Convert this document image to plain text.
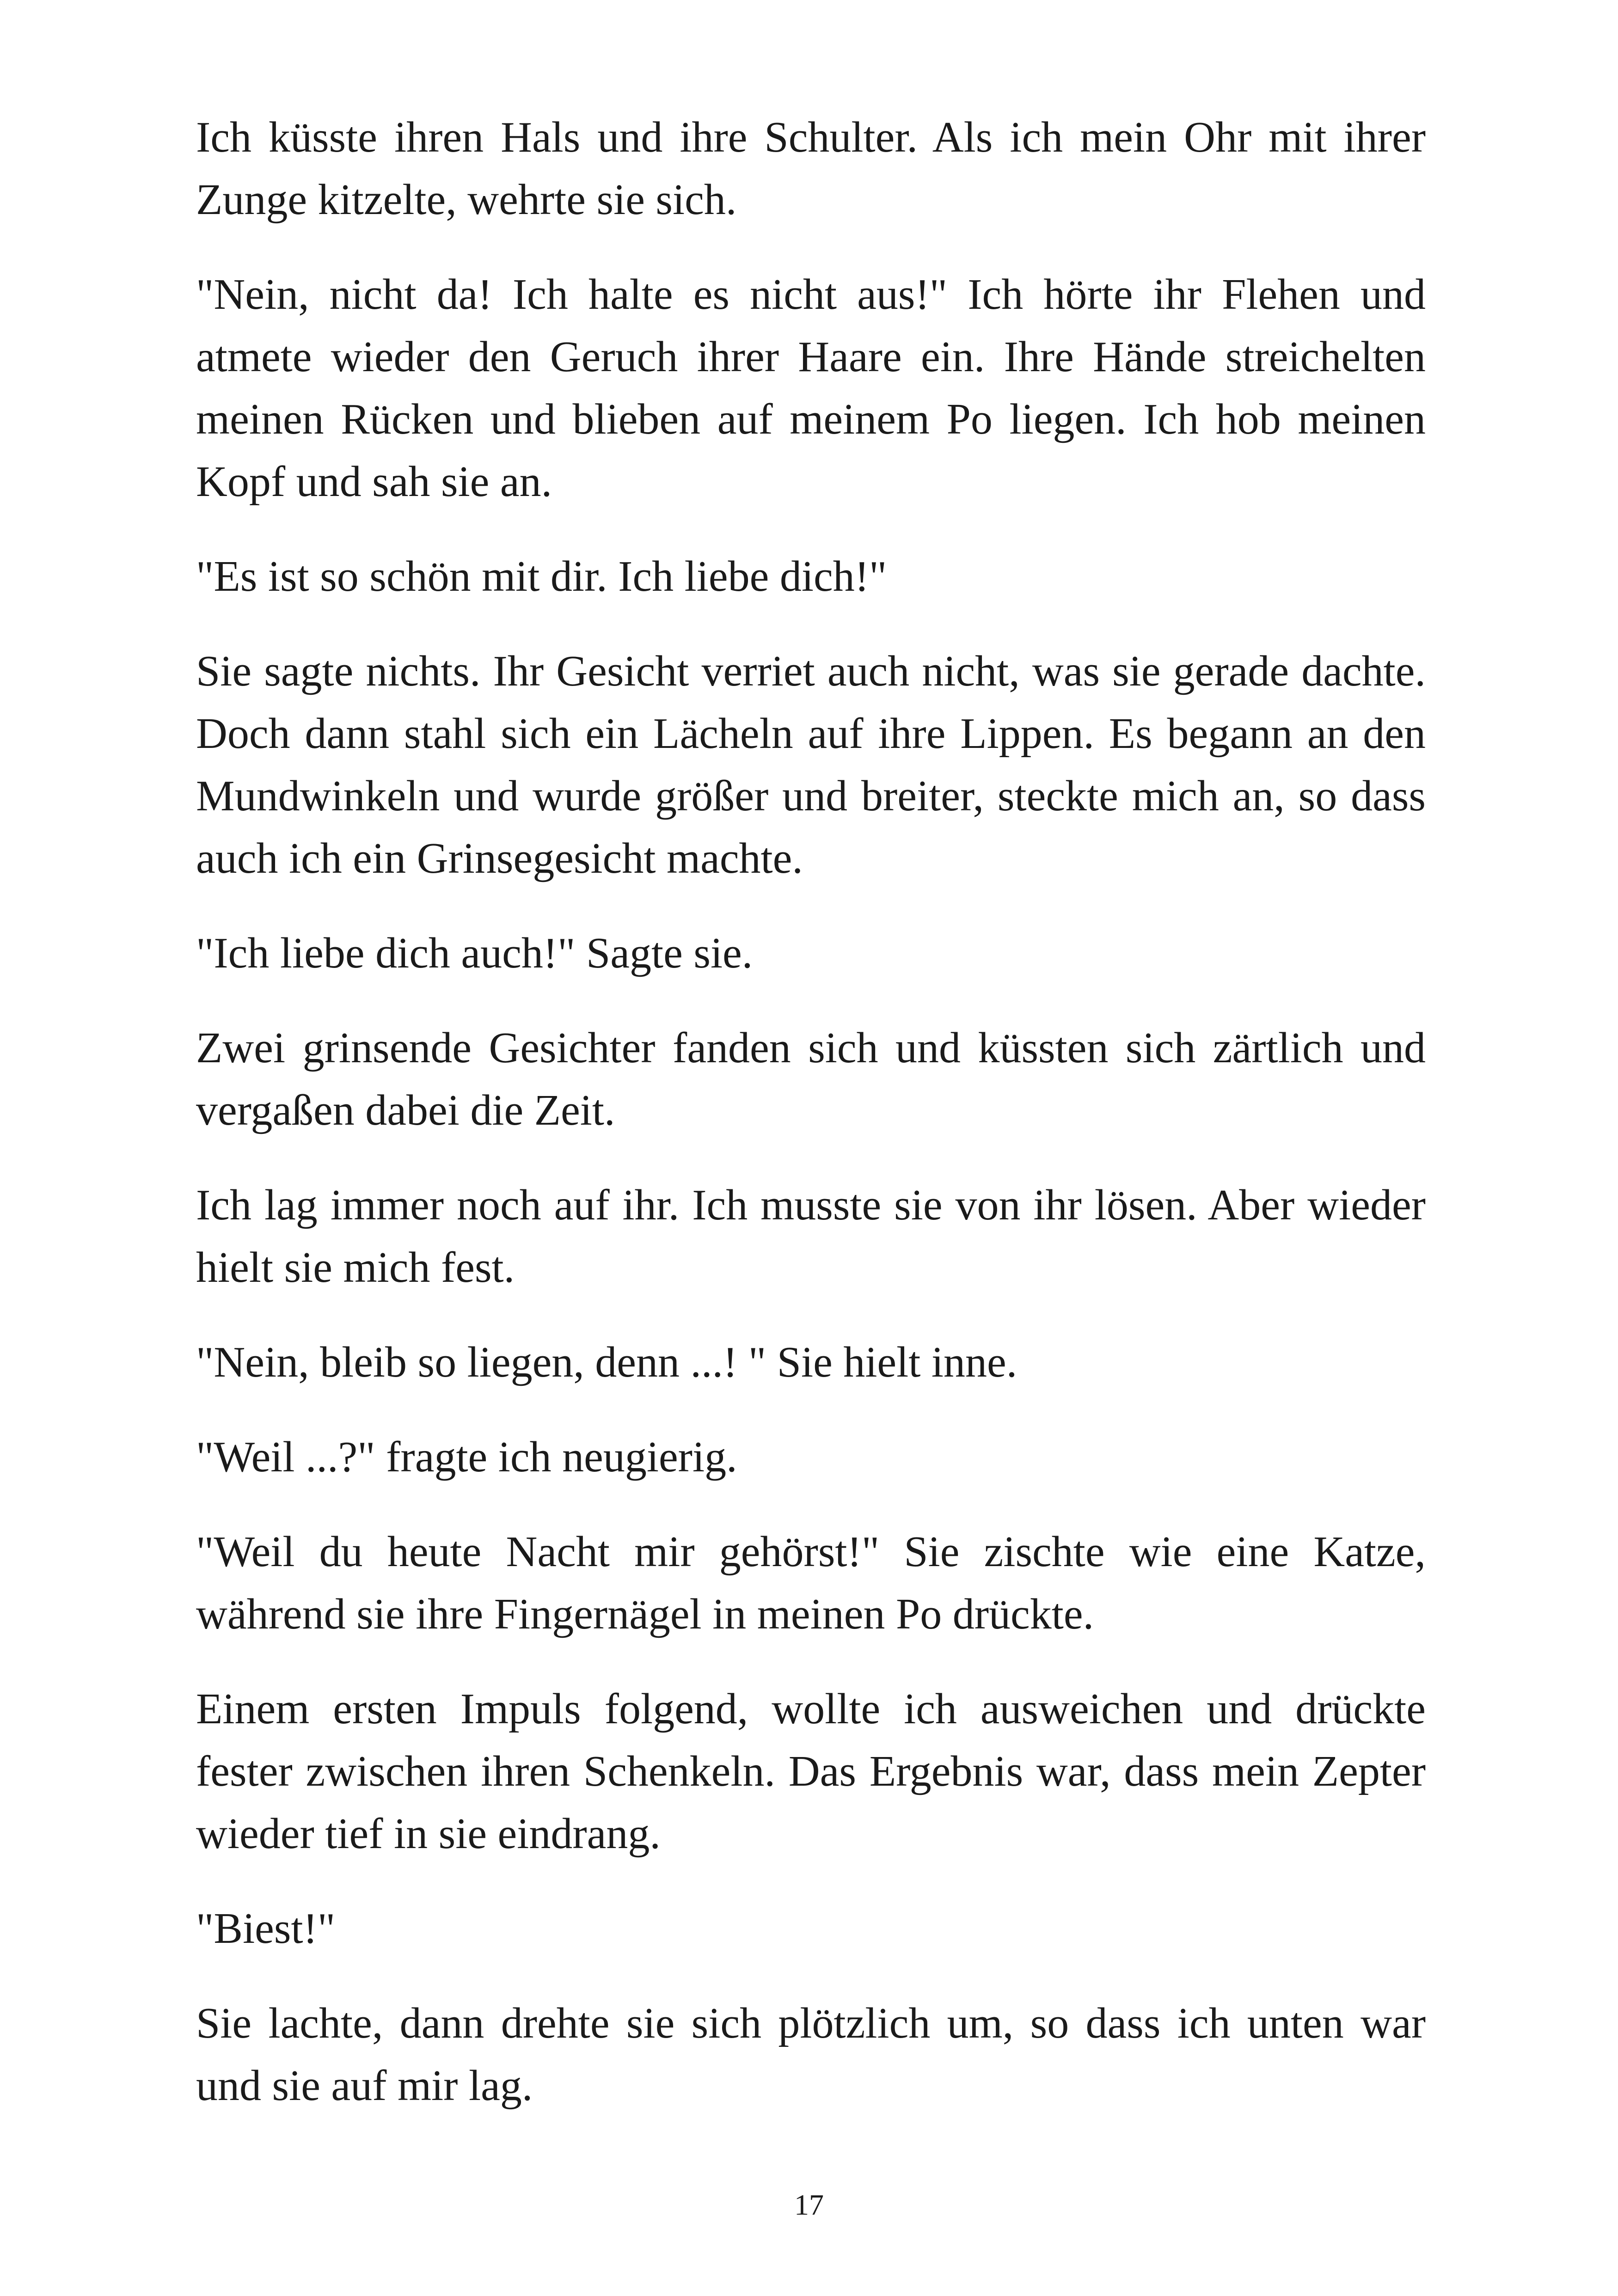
Ich küsste ihren Hals und ihre Schulter. Als ich mein Ohr mit ihrer Zunge kitzelte, wehrte sie sich.

"Nein, nicht da! Ich halte es nicht aus!" Ich hörte ihr Flehen und atmete wieder den Geruch ihrer Haare ein. Ihre Hände streichelten meinen Rücken und blieben auf meinem Po liegen. Ich hob meinen Kopf und sah sie an.

"Es ist so schön mit dir. Ich liebe dich!"

Sie sagte nichts. Ihr Gesicht verriet auch nicht, was sie gerade dachte. Doch dann stahl sich ein Lächeln auf ihre Lippen. Es begann an den Mundwinkeln und wurde größer und breiter, steckte mich an, so dass auch ich ein Grinsegesicht machte.

"Ich liebe dich auch!" Sagte sie.

Zwei grinsende Gesichter fanden sich und küssten sich zärtlich und vergaßen dabei die Zeit.

Ich lag immer noch auf ihr. Ich musste sie von ihr lösen. Aber wieder hielt sie mich fest.

"Nein, bleib so liegen, denn ...! " Sie hielt inne.

"Weil ...?" fragte ich neugierig.

"Weil du heute Nacht mir gehörst!" Sie zischte wie eine Katze, während sie ihre Fingernägel in meinen Po drückte.

Einem ersten Impuls folgend, wollte ich ausweichen und drückte fester zwischen ihren Schenkeln. Das Ergebnis war, dass mein Zepter wieder tief in sie eindrang.

"Biest!"

Sie lachte, dann drehte sie sich plötzlich um, so dass ich unten war und sie auf mir lag.

17
